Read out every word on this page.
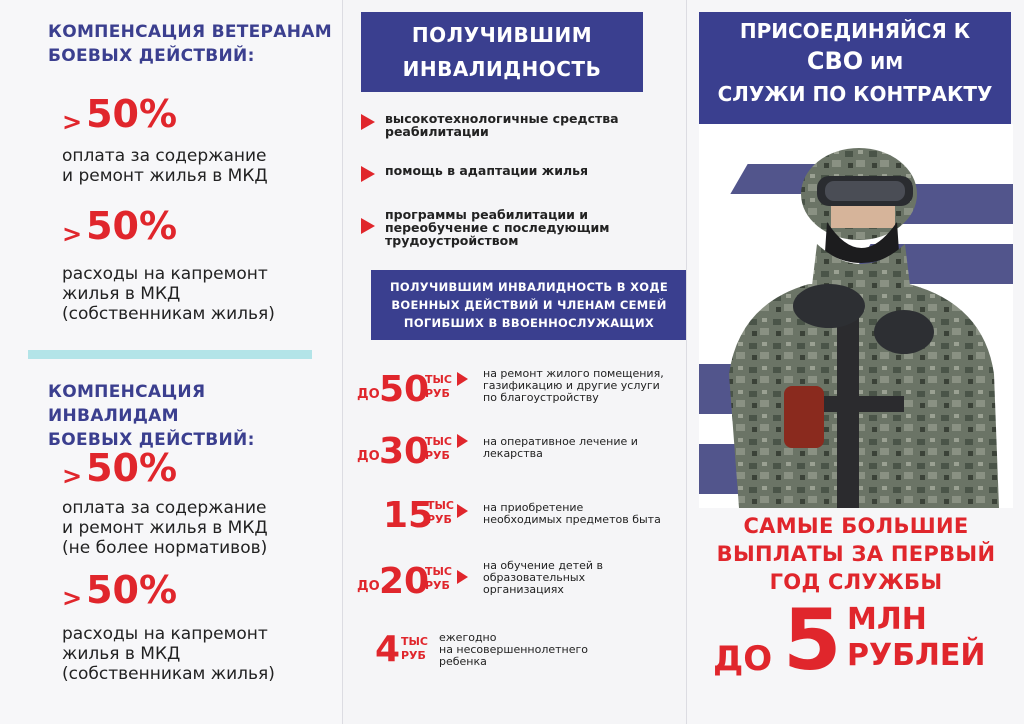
КОМПЕНСАЦИЯ ВЕТЕРАНАМ
БОЕВЫХ ДЕЙСТВИЙ:
> 50%
оплата за содержание
и ремонт жилья в МКД
> 50%
расходы на капремонт
жилья в МКД
(собственникам жилья)
КОМПЕНСАЦИЯ ИНВАЛИДАМ
БОЕВЫХ ДЕЙСТВИЙ:
> 50%
оплата за содержание
и ремонт жилья в МКД
(не более нормативов)
> 50%
расходы на капремонт
жилья в МКД
(собственникам жилья)
ПОЛУЧИВШИМ
ИНВАЛИДНОСТЬ
высокотехнологичные средства
реабилитации
помощь в адаптации жилья
программы реабилитации и
переобучение с последующим
трудоустройством
ПОЛУЧИВШИМ ИНВАЛИДНОСТЬ В ХОДЕ
ВОЕННЫХ ДЕЙСТВИЙ И ЧЛЕНАМ СЕМЕЙ
ПОГИБШИХ В ВВОЕННОСЛУЖАЩИХ
ДО 50
ТЫС
РУБ
на ремонт жилого помещения,
газификацию и другие услуги
по благоустройству
ДО 30
ТЫС
РУБ
на оперативное лечение и
лекарства
15
ТЫС
РУБ
на приобретение
необходимых предметов быта
ДО 20
ТЫС
РУБ
на обучение детей в
образовательных
организациях
4 ТЫС
РУБ
ежегодно
на несовершеннолетнего
ребенка
ПРИСОЕДИНЯЙСЯ К
СВО ИМ
СЛУЖИ ПО КОНТРАКТУ
САМЫЕ БОЛЬШИЕ
ВЫПЛАТЫ ЗА ПЕРВЫЙ
ГОД СЛУЖБЫ
ДО 5 МЛН
РУБЛЕЙ
